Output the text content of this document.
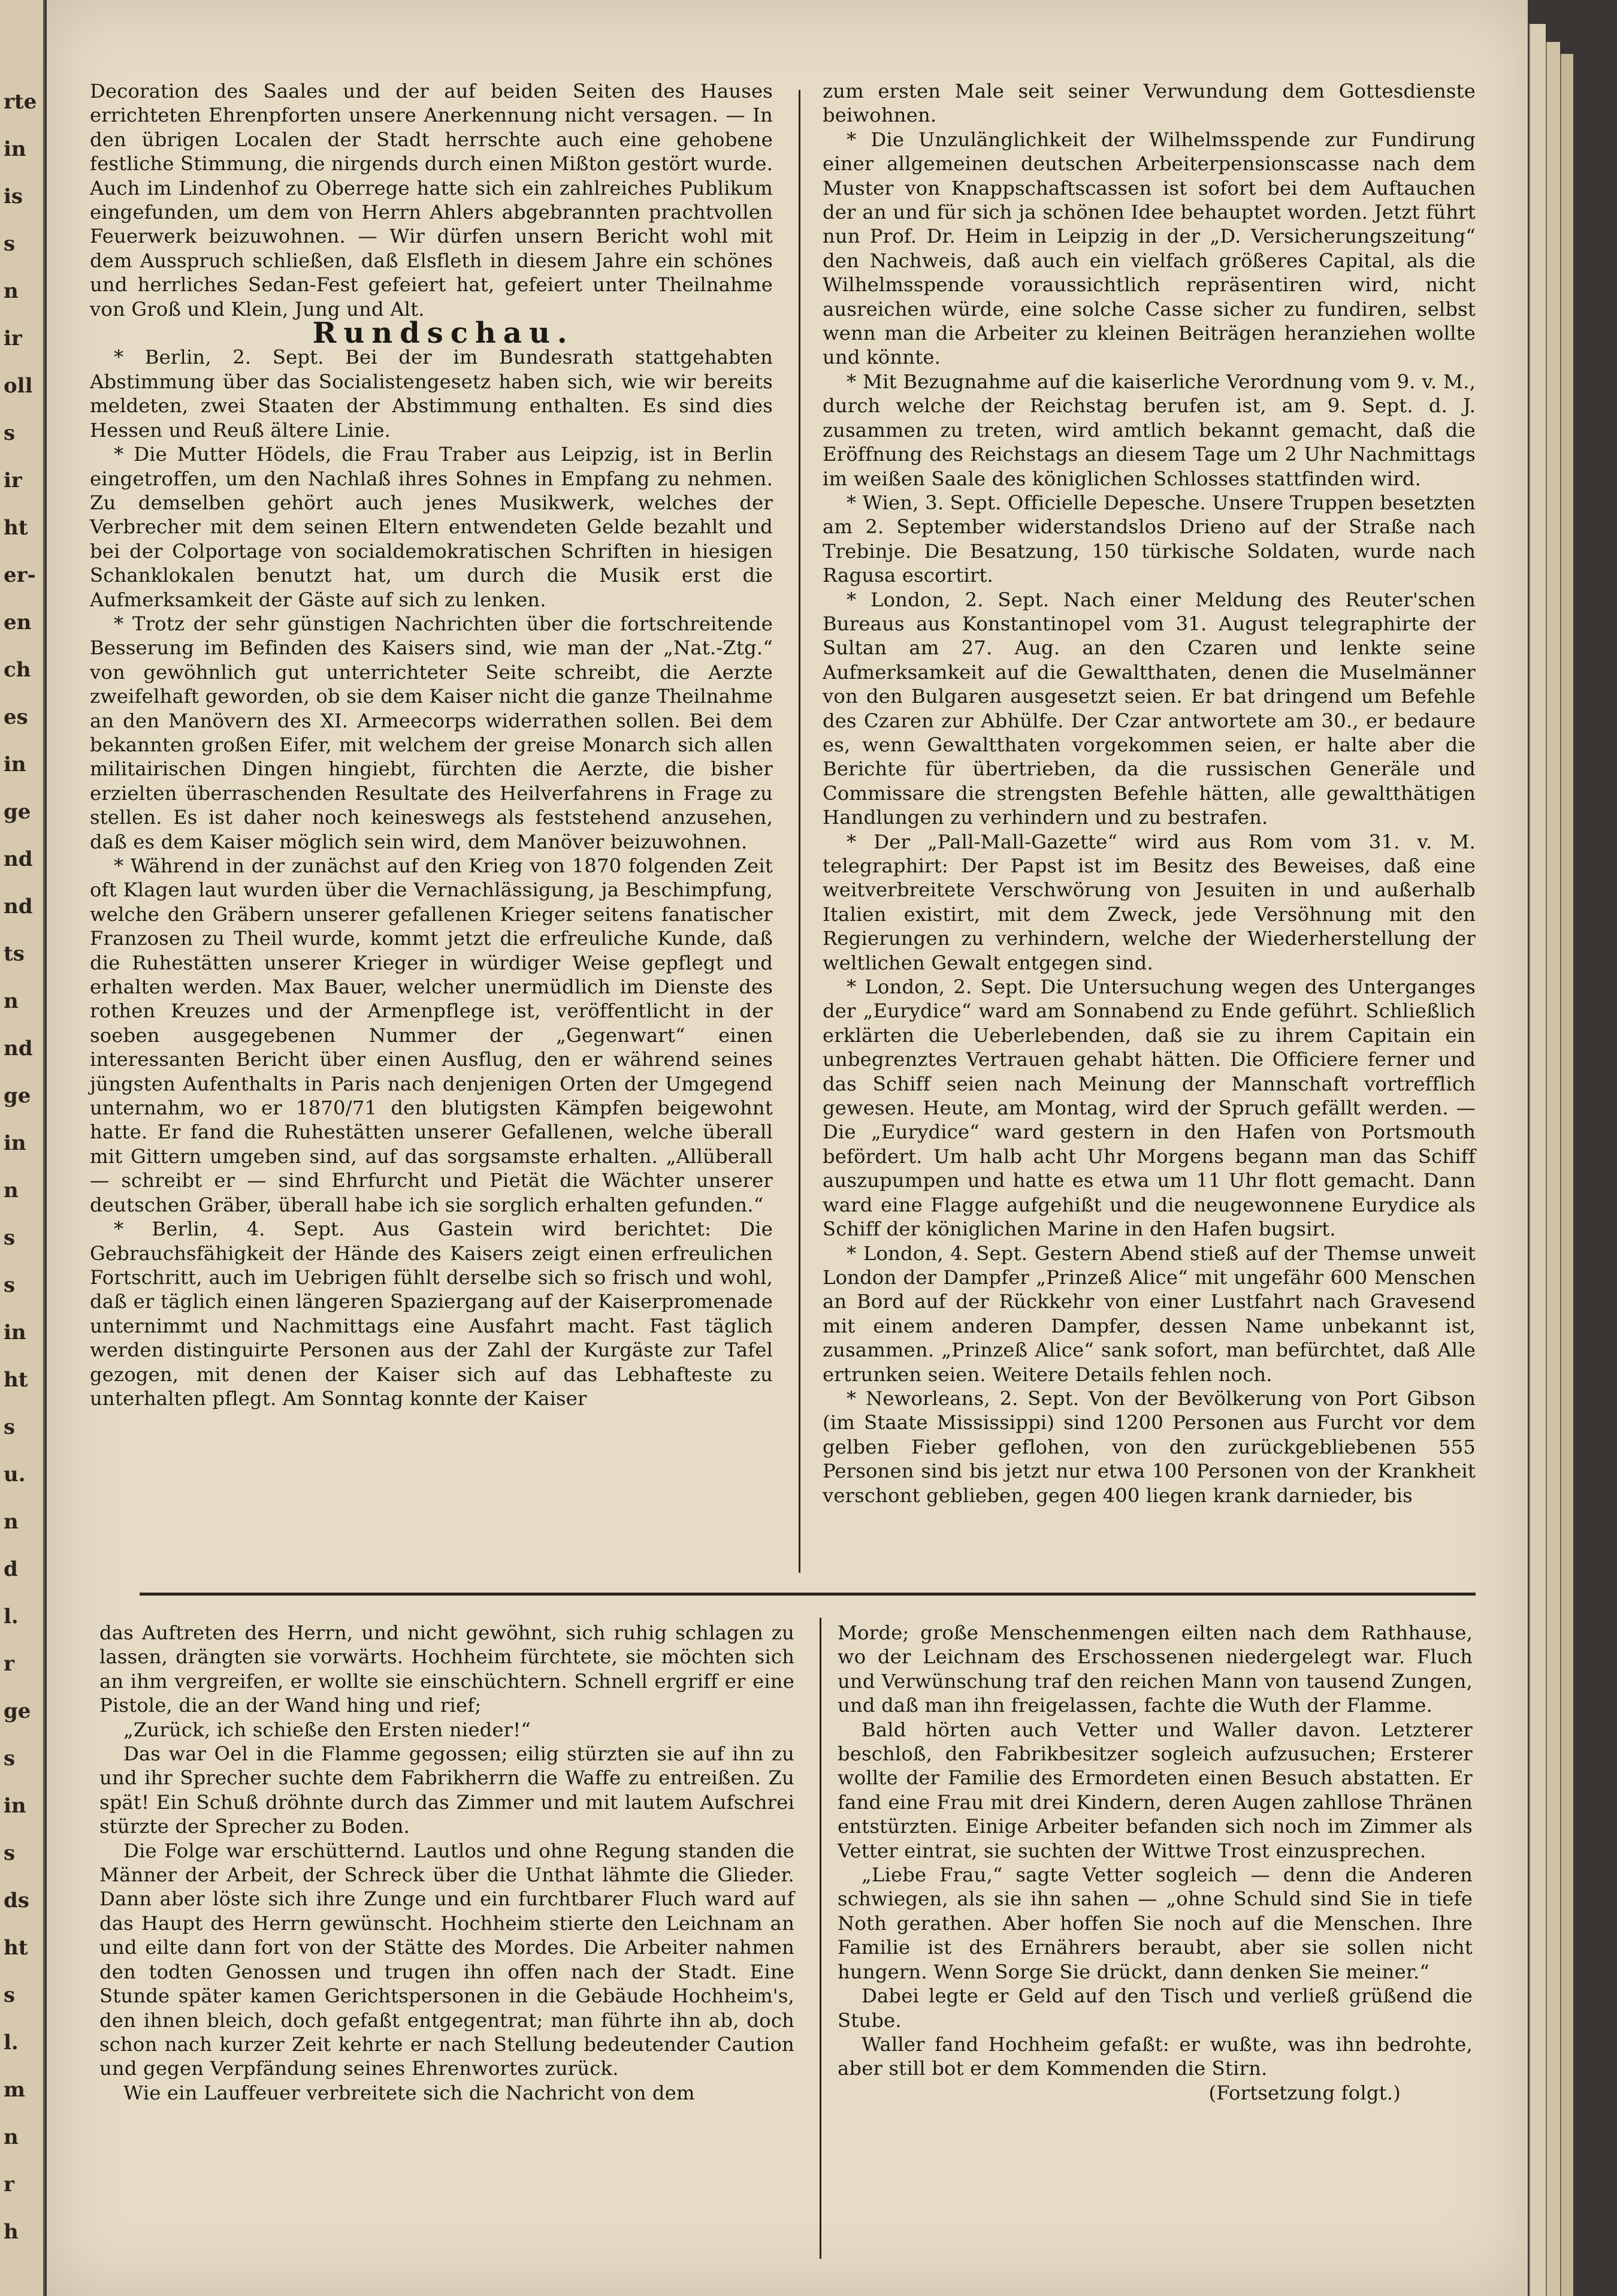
rte
in
is
s
n
ir
oll
s
ir
ht
er-
en
ch
es
in
ge
nd
nd
ts
n
nd
ge
in
n
s
s
in
ht
s
u.
n
d
l.
r
ge
s
in
s
ds
ht
s
l.
m
n
r
h

Decoration des Saales und der auf beiden Seiten des Hauses errichteten Ehrenpforten unsere Anerkennung nicht versagen. — In den übrigen Localen der Stadt herrschte auch eine gehobene festliche Stimmung, die nirgends durch einen Mißton gestört wurde. Auch im Lindenhof zu Oberrege hatte sich ein zahlreiches Publikum eingefunden, um dem von Herrn Ahlers abgebrannten prachtvollen Feuerwerk beizuwohnen. — Wir dürfen unsern Bericht wohl mit dem Ausspruch schließen, daß Elsfleth in diesem Jahre ein schönes und herrliches Sedan-Fest gefeiert hat, gefeiert unter Theilnahme von Groß und Klein, Jung und Alt.

Rundschau.

* Berlin, 2. Sept. Bei der im Bundesrath stattgehabten Abstimmung über das Socialistengesetz haben sich, wie wir bereits meldeten, zwei Staaten der Abstimmung enthalten. Es sind dies Hessen und Reuß ältere Linie.

* Die Mutter Hödels, die Frau Traber aus Leipzig, ist in Berlin eingetroffen, um den Nachlaß ihres Sohnes in Empfang zu nehmen. Zu demselben gehört auch jenes Musikwerk, welches der Verbrecher mit dem seinen Eltern entwendeten Gelde bezahlt und bei der Colportage von socialdemokratischen Schriften in hiesigen Schanklokalen benutzt hat, um durch die Musik erst die Aufmerksamkeit der Gäste auf sich zu lenken.

* Trotz der sehr günstigen Nachrichten über die fortschreitende Besserung im Befinden des Kaisers sind, wie man der „Nat.-Ztg.“ von gewöhnlich gut unterrichteter Seite schreibt, die Aerzte zweifelhaft geworden, ob sie dem Kaiser nicht die ganze Theilnahme an den Manövern des XI. Armeecorps widerrathen sollen. Bei dem bekannten großen Eifer, mit welchem der greise Monarch sich allen militairischen Dingen hingiebt, fürchten die Aerzte, die bisher erzielten überraschenden Resultate des Heilverfahrens in Frage zu stellen. Es ist daher noch keineswegs als feststehend anzusehen, daß es dem Kaiser möglich sein wird, dem Manöver beizuwohnen.

* Während in der zunächst auf den Krieg von 1870 folgenden Zeit oft Klagen laut wurden über die Vernachlässigung, ja Beschimpfung, welche den Gräbern unserer gefallenen Krieger seitens fanatischer Franzosen zu Theil wurde, kommt jetzt die erfreuliche Kunde, daß die Ruhestätten unserer Krieger in würdiger Weise gepflegt und erhalten werden. Max Bauer, welcher unermüdlich im Dienste des rothen Kreuzes und der Armenpflege ist, veröffentlicht in der soeben ausgegebenen Nummer der „Gegenwart“ einen interessanten Bericht über einen Ausflug, den er während seines jüngsten Aufenthalts in Paris nach denjenigen Orten der Umgegend unternahm, wo er 1870/71 den blutigsten Kämpfen beigewohnt hatte. Er fand die Ruhestätten unserer Gefallenen, welche überall mit Gittern umgeben sind, auf das sorgsamste erhalten. „Allüberall — schreibt er — sind Ehrfurcht und Pietät die Wächter unserer deutschen Gräber, überall habe ich sie sorglich erhalten gefunden.“

* Berlin, 4. Sept. Aus Gastein wird berichtet: Die Gebrauchsfähigkeit der Hände des Kaisers zeigt einen erfreulichen Fortschritt, auch im Uebrigen fühlt derselbe sich so frisch und wohl, daß er täglich einen längeren Spaziergang auf der Kaiserpromenade unternimmt und Nachmittags eine Ausfahrt macht. Fast täglich werden distinguirte Personen aus der Zahl der Kurgäste zur Tafel gezogen, mit denen der Kaiser sich auf das Lebhafteste zu unterhalten pflegt. Am Sonntag konnte der Kaiser

zum ersten Male seit seiner Verwundung dem Gottesdienste beiwohnen.

* Die Unzulänglichkeit der Wilhelmsspende zur Fundirung einer allgemeinen deutschen Arbeiterpensionscasse nach dem Muster von Knappschaftscassen ist sofort bei dem Auftauchen der an und für sich ja schönen Idee behauptet worden. Jetzt führt nun Prof. Dr. Heim in Leipzig in der „D. Versicherungszeitung“ den Nachweis, daß auch ein vielfach größeres Capital, als die Wilhelmsspende voraussichtlich repräsentiren wird, nicht ausreichen würde, eine solche Casse sicher zu fundiren, selbst wenn man die Arbeiter zu kleinen Beiträgen heranziehen wollte und könnte.

* Mit Bezugnahme auf die kaiserliche Verordnung vom 9. v. M., durch welche der Reichstag berufen ist, am 9. Sept. d. J. zusammen zu treten, wird amtlich bekannt gemacht, daß die Eröffnung des Reichstags an diesem Tage um 2 Uhr Nachmittags im weißen Saale des königlichen Schlosses stattfinden wird.

* Wien, 3. Sept. Officielle Depesche. Unsere Truppen besetzten am 2. September widerstandslos Drieno auf der Straße nach Trebinje. Die Besatzung, 150 türkische Soldaten, wurde nach Ragusa escortirt.

* London, 2. Sept. Nach einer Meldung des Reuter'schen Bureaus aus Konstantinopel vom 31. August telegraphirte der Sultan am 27. Aug. an den Czaren und lenkte seine Aufmerksamkeit auf die Gewaltthaten, denen die Muselmänner von den Bulgaren ausgesetzt seien. Er bat dringend um Befehle des Czaren zur Abhülfe. Der Czar antwortete am 30., er bedaure es, wenn Gewaltthaten vorgekommen seien, er halte aber die Berichte für übertrieben, da die russischen Generäle und Commissare die strengsten Befehle hätten, alle gewaltthätigen Handlungen zu verhindern und zu bestrafen.

* Der „Pall-Mall-Gazette“ wird aus Rom vom 31. v. M. telegraphirt: Der Papst ist im Besitz des Beweises, daß eine weitverbreitete Verschwörung von Jesuiten in und außerhalb Italien existirt, mit dem Zweck, jede Versöhnung mit den Regierungen zu verhindern, welche der Wiederherstellung der weltlichen Gewalt entgegen sind.

* London, 2. Sept. Die Untersuchung wegen des Unterganges der „Eurydice“ ward am Sonnabend zu Ende geführt. Schließlich erklärten die Ueberlebenden, daß sie zu ihrem Capitain ein unbegrenztes Vertrauen gehabt hätten. Die Officiere ferner und das Schiff seien nach Meinung der Mannschaft vortrefflich gewesen. Heute, am Montag, wird der Spruch gefällt werden. — Die „Eurydice“ ward gestern in den Hafen von Portsmouth befördert. Um halb acht Uhr Morgens begann man das Schiff auszupumpen und hatte es etwa um 11 Uhr flott gemacht. Dann ward eine Flagge aufgehißt und die neugewonnene Eurydice als Schiff der königlichen Marine in den Hafen bugsirt.

* London, 4. Sept. Gestern Abend stieß auf der Themse unweit London der Dampfer „Prinzeß Alice“ mit ungefähr 600 Menschen an Bord auf der Rückkehr von einer Lustfahrt nach Gravesend mit einem anderen Dampfer, dessen Name unbekannt ist, zusammen. „Prinzeß Alice“ sank sofort, man befürchtet, daß Alle ertrunken seien. Weitere Details fehlen noch.

* Neworleans, 2. Sept. Von der Bevölkerung von Port Gibson (im Staate Mississippi) sind 1200 Personen aus Furcht vor dem gelben Fieber geflohen, von den zurückgebliebenen 555 Personen sind bis jetzt nur etwa 100 Personen von der Krankheit verschont geblieben, gegen 400 liegen krank darnieder, bis

das Auftreten des Herrn, und nicht gewöhnt, sich ruhig schlagen zu lassen, drängten sie vorwärts. Hochheim fürchtete, sie möchten sich an ihm vergreifen, er wollte sie einschüchtern. Schnell ergriff er eine Pistole, die an der Wand hing und rief;

„Zurück, ich schieße den Ersten nieder!“

Das war Oel in die Flamme gegossen; eilig stürzten sie auf ihn zu und ihr Sprecher suchte dem Fabrikherrn die Waffe zu entreißen. Zu spät! Ein Schuß dröhnte durch das Zimmer und mit lautem Aufschrei stürzte der Sprecher zu Boden.

Die Folge war erschütternd. Lautlos und ohne Regung standen die Männer der Arbeit, der Schreck über die Unthat lähmte die Glieder. Dann aber löste sich ihre Zunge und ein furchtbarer Fluch ward auf das Haupt des Herrn gewünscht. Hochheim stierte den Leichnam an und eilte dann fort von der Stätte des Mordes. Die Arbeiter nahmen den todten Genossen und trugen ihn offen nach der Stadt. Eine Stunde später kamen Gerichtspersonen in die Gebäude Hochheim's, den ihnen bleich, doch gefaßt entgegentrat; man führte ihn ab, doch schon nach kurzer Zeit kehrte er nach Stellung bedeutender Caution und gegen Verpfändung seines Ehrenwortes zurück.

Wie ein Lauffeuer verbreitete sich die Nachricht von dem

Morde; große Menschenmengen eilten nach dem Rathhause, wo der Leichnam des Erschossenen niedergelegt war. Fluch und Verwünschung traf den reichen Mann von tausend Zungen, und daß man ihn freigelassen, fachte die Wuth der Flamme.

Bald hörten auch Vetter und Waller davon. Letzterer beschloß, den Fabrikbesitzer sogleich aufzusuchen; Ersterer wollte der Familie des Ermordeten einen Besuch abstatten. Er fand eine Frau mit drei Kindern, deren Augen zahllose Thränen entstürzten. Einige Arbeiter befanden sich noch im Zimmer als Vetter eintrat, sie suchten der Wittwe Trost einzusprechen.

„Liebe Frau,“ sagte Vetter sogleich — denn die Anderen schwiegen, als sie ihn sahen — „ohne Schuld sind Sie in tiefe Noth gerathen. Aber hoffen Sie noch auf die Menschen. Ihre Familie ist des Ernährers beraubt, aber sie sollen nicht hungern. Wenn Sorge Sie drückt, dann denken Sie meiner.“

Dabei legte er Geld auf den Tisch und verließ grüßend die Stube.

Waller fand Hochheim gefaßt: er wußte, was ihn bedrohte, aber still bot er dem Kommenden die Stirn.

(Fortsetzung folgt.)
